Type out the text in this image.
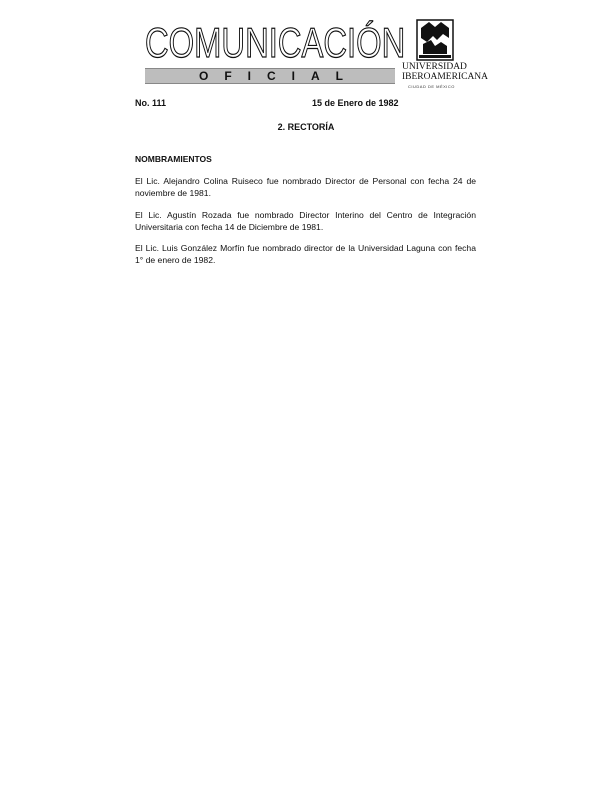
COMUNICACIÓN
OFICIAL
UNIVERSIDAD
IBEROAMERICANA
CIUDAD DE MÉXICO
No. 111	15 de Enero de 1982
2. RECTORÍA
NOMBRAMIENTOS
El Lic. Alejandro Colina Ruiseco fue nombrado Director de Personal con fecha 24 de noviembre de 1981.
El Lic. Agustín Rozada fue nombrado Director Interino del Centro de Integración Universitaria con fecha 14 de Diciembre de 1981.
El Lic. Luis González Morfín fue nombrado director de la Universidad Laguna con fecha 1° de enero de 1982.
